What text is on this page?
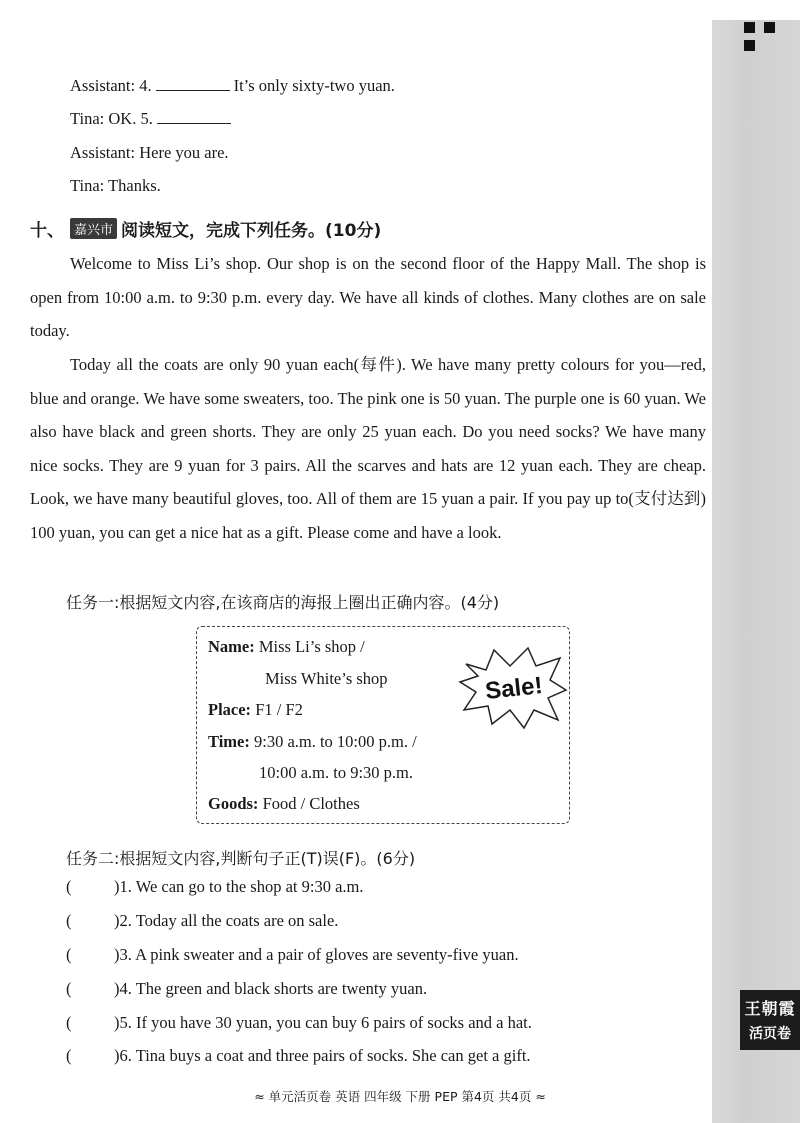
Assistant: 4.	It’s only sixty-two yuan.
Tina: OK. 5.
Assistant: Here you are.
Tina: Thanks.
十、 嘉兴市 阅读短文，完成下列任务。(10分)
Welcome to Miss Li’s shop. Our shop is on the second floor of the Happy Mall. The shop is open from 10:00 a.m. to 9:30 p.m. every day. We have all kinds of clothes. Many clothes are on sale today.
Today all the coats are only 90 yuan each(每件). We have many pretty colours for you—red, blue and orange. We have some sweaters, too. The pink one is 50 yuan. The purple one is 60 yuan. We also have black and green shorts. They are only 25 yuan each. Do you need socks? We have many nice socks. They are 9 yuan for 3 pairs. All the scarves and hats are 12 yuan each. They are cheap. Look, we have many beautiful gloves, too. All of them are 15 yuan a pair. If you pay up to(支付达到) 100 yuan, you can get a nice hat as a gift. Please come and have a look.
任务一:根据短文内容,在该商店的海报上圈出正确内容。(4分)
Name: Miss Li’s shop /
Miss White’s shop
Place: F1 / F2
Time: 9:30 a.m. to 10:00 p.m. /
10:00 a.m. to 9:30 p.m.
Goods: Food / Clothes
Sale!
任务二:根据短文内容,判断句子正(T)误(F)。(6分)
(	)1. We can go to the shop at 9:30 a.m.
(	)2. Today all the coats are on sale.
(	)3. A pink sweater and a pair of gloves are seventy-five yuan.
(	)4. The green and black shorts are twenty yuan.
(	)5. If you have 30 yuan, you can buy 6 pairs of socks and a hat.
(	)6. Tina buys a coat and three pairs of socks. She can get a gift.
≈ 单元活页卷 英语 四年级 下册 PEP 第4页 共4页 ≈
王朝霞
活页卷
